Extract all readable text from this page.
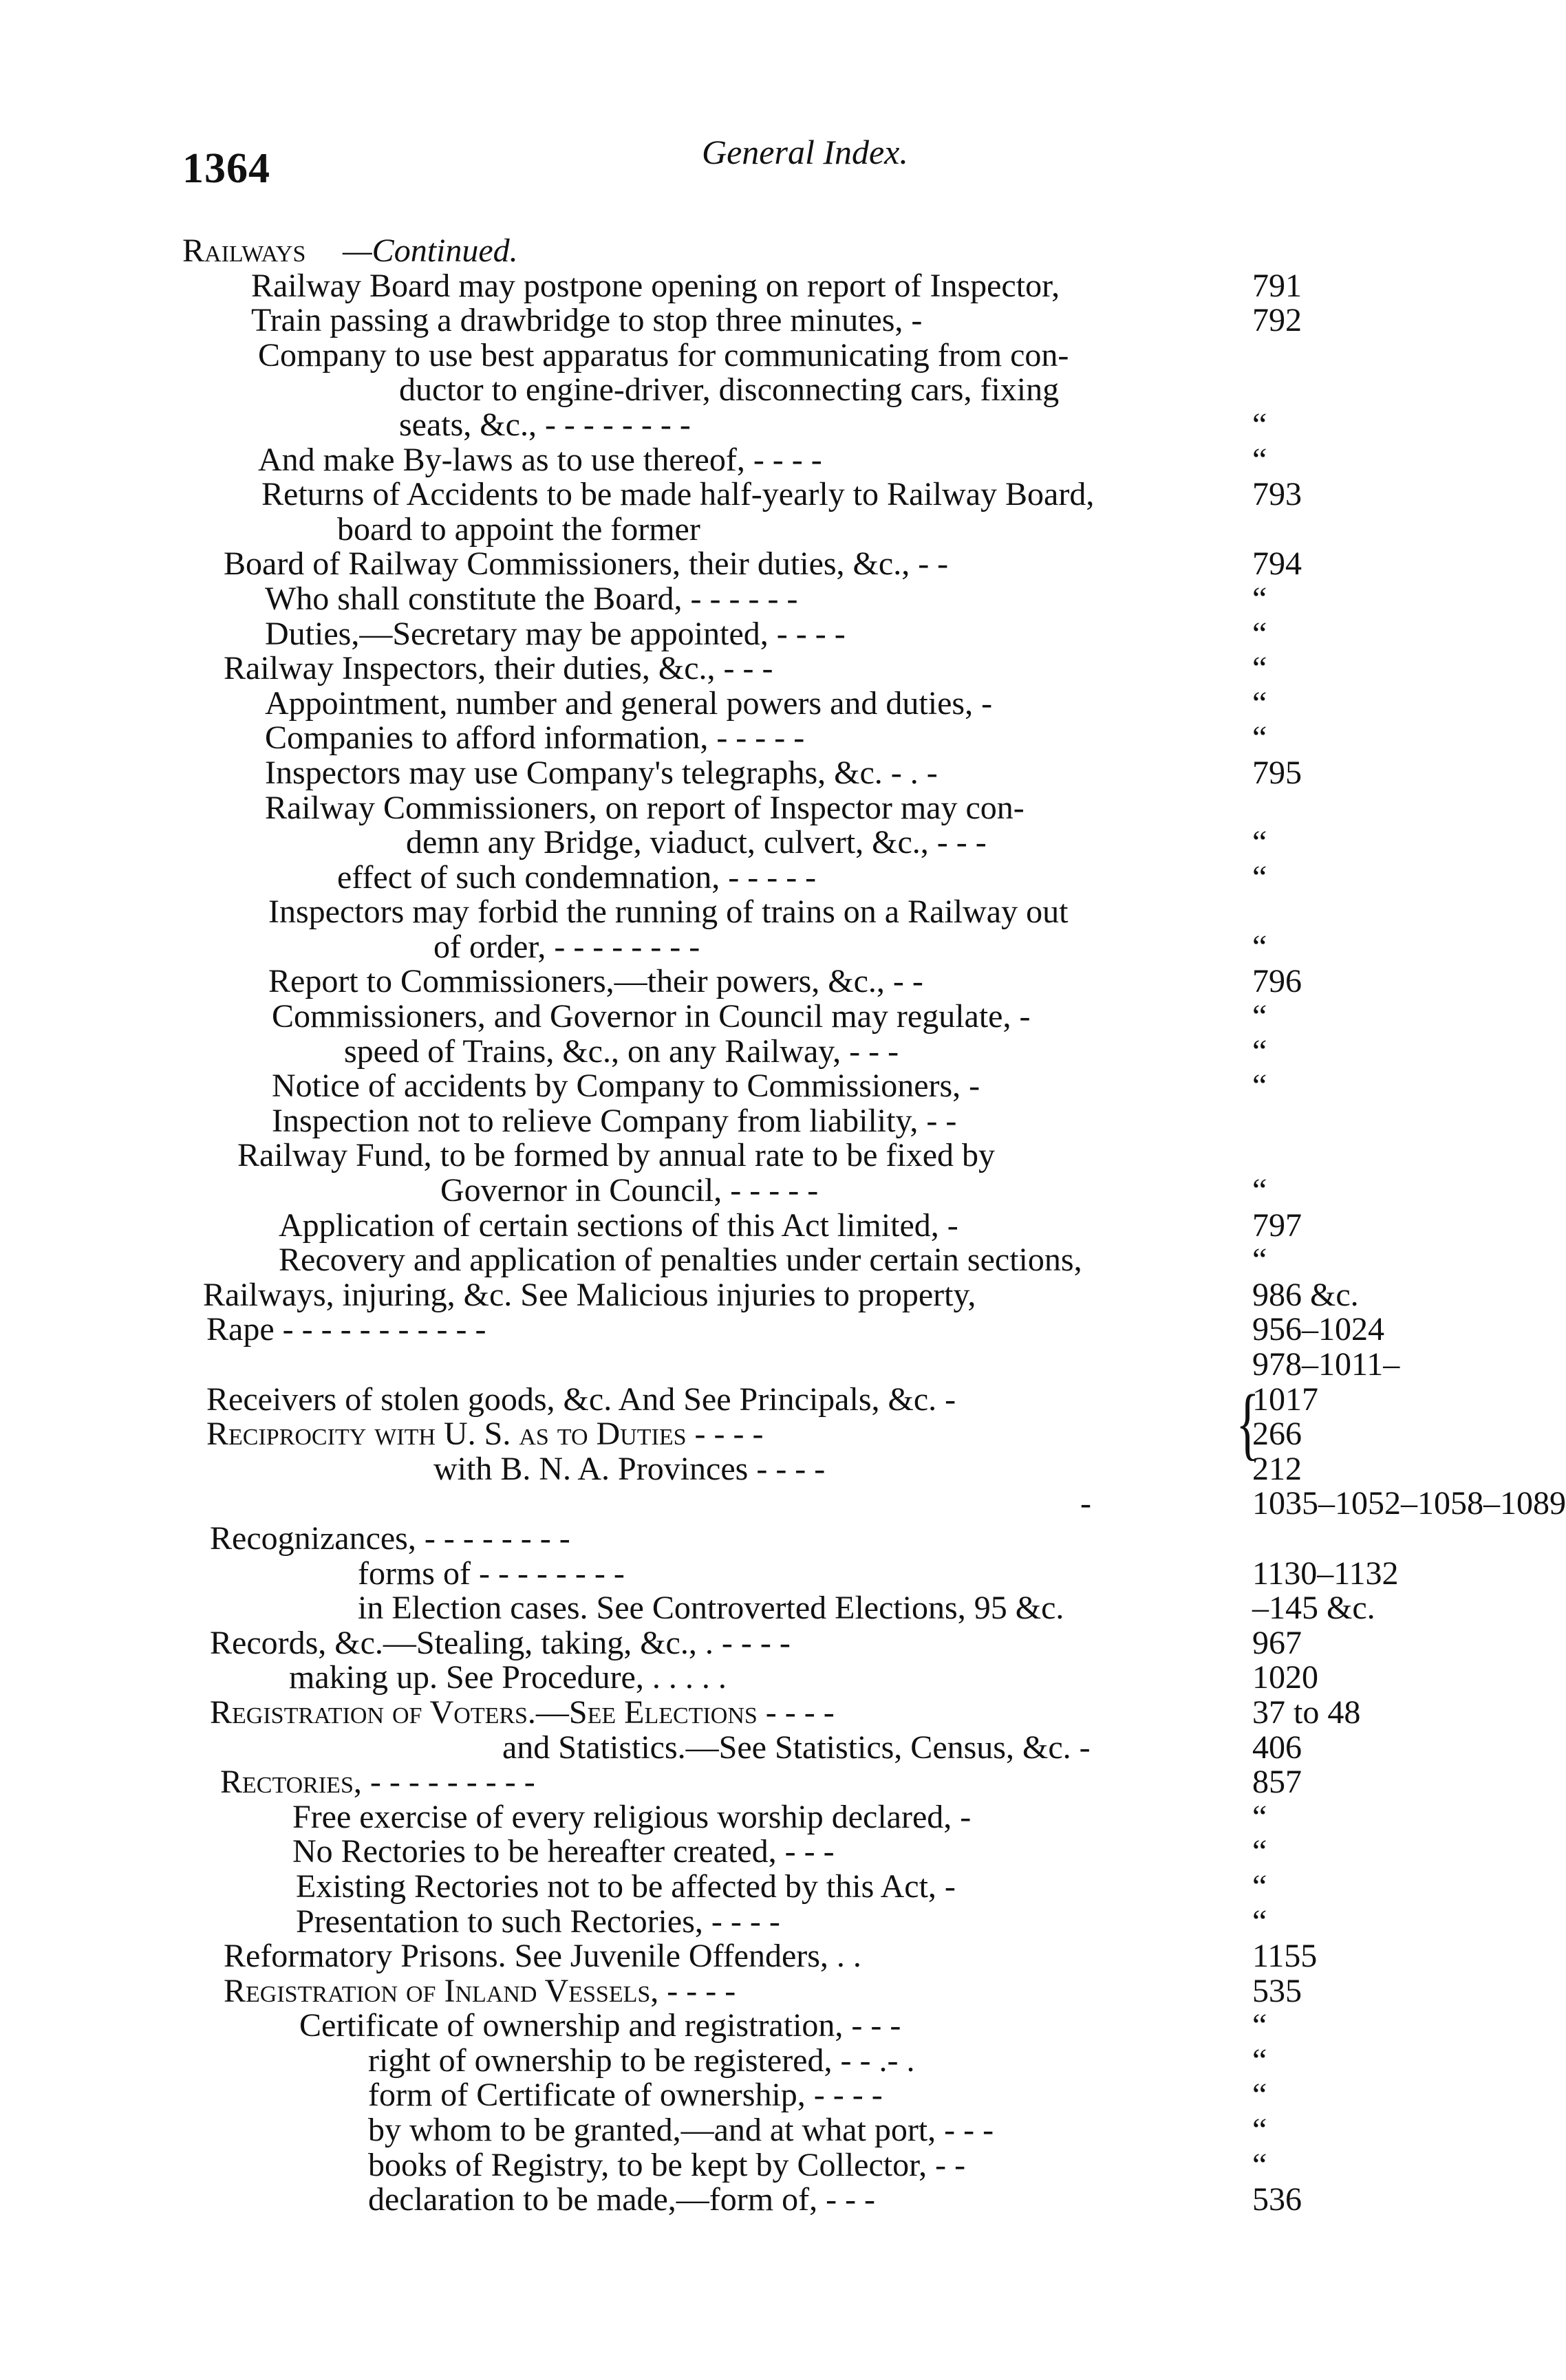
1364	General Index.
Railways —Continued.
Railway Board may postpone opening on report of Inspector,	791
Train passing a drawbridge to stop three minutes, -	792
Company to use best apparatus for communicating from con-
ductor to engine-driver, disconnecting cars, fixing
seats, &c., - - - - - - - -	“
And make By-laws as to use thereof, - - - -	“
Returns of Accidents to be made half-yearly to Railway Board,	793
board to appoint the former
Board of Railway Commissioners, their duties, &c., - -	794
Who shall constitute the Board, - - - - - -	“
Duties,—Secretary may be appointed, - - - -	“
Railway Inspectors, their duties, &c., - - -	“
Appointment, number and general powers and duties, -	“
Companies to afford information, - - - - -	“
Inspectors may use Company's telegraphs, &c. - . -	795
Railway Commissioners, on report of Inspector may con-
demn any Bridge, viaduct, culvert, &c., - - -	“
effect of such condemnation, - - - - -	“
Inspectors may forbid the running of trains on a Railway out
of order, - - - - - - - -	“
Report to Commissioners,—their powers, &c., - -	796
Commissioners, and Governor in Council may regulate, -	“
speed of Trains, &c., on any Railway, - - -	“
Notice of accidents by Company to Commissioners, -	“
Inspection not to relieve Company from liability, - -
Railway Fund, to be formed by annual rate to be fixed by
Governor in Council, - - - - -	“
Application of certain sections of this Act limited, -	797
Recovery and application of penalties under certain sections,	“
Railways, injuring, &c. See Malicious injuries to property,	986 &c.
Rape - - - - - - - - - - -	956–1024
978–1011–
Receivers of stolen goods, &c. And See Principals, &c. -	1017
Reciprocity with U. S. as to Duties - - - -	266
with B. N. A. Provinces - - - -	212
-	1035–1052–1058–1089
Recognizances, - - - - - - - -
forms of - - - - - - - -	1130–1132
in Election cases. See Controverted Elections, 95 &c.	–145 &c.
Records, &c.—Stealing, taking, &c., . - - - -	967
making up. See Procedure, . . . . .	1020
Registration of Voters.—See Elections - - - -	37 to 48
and Statistics.—See Statistics, Census, &c. -	406
Rectories, - - - - - - - - -	857
Free exercise of every religious worship declared, -	“
No Rectories to be hereafter created, - - -	“
Existing Rectories not to be affected by this Act, -	“
Presentation to such Rectories, - - - -	“
Reformatory Prisons. See Juvenile Offenders, . .	1155
Registration of Inland Vessels, - - - -	535
Certificate of ownership and registration, - - -	“
right of ownership to be registered, - - .- .	“
form of Certificate of ownership, - - - -	“
by whom to be granted,—and at what port, - - -	“
books of Registry, to be kept by Collector, - -	“
declaration to be made,—form of, - - -	536
{
